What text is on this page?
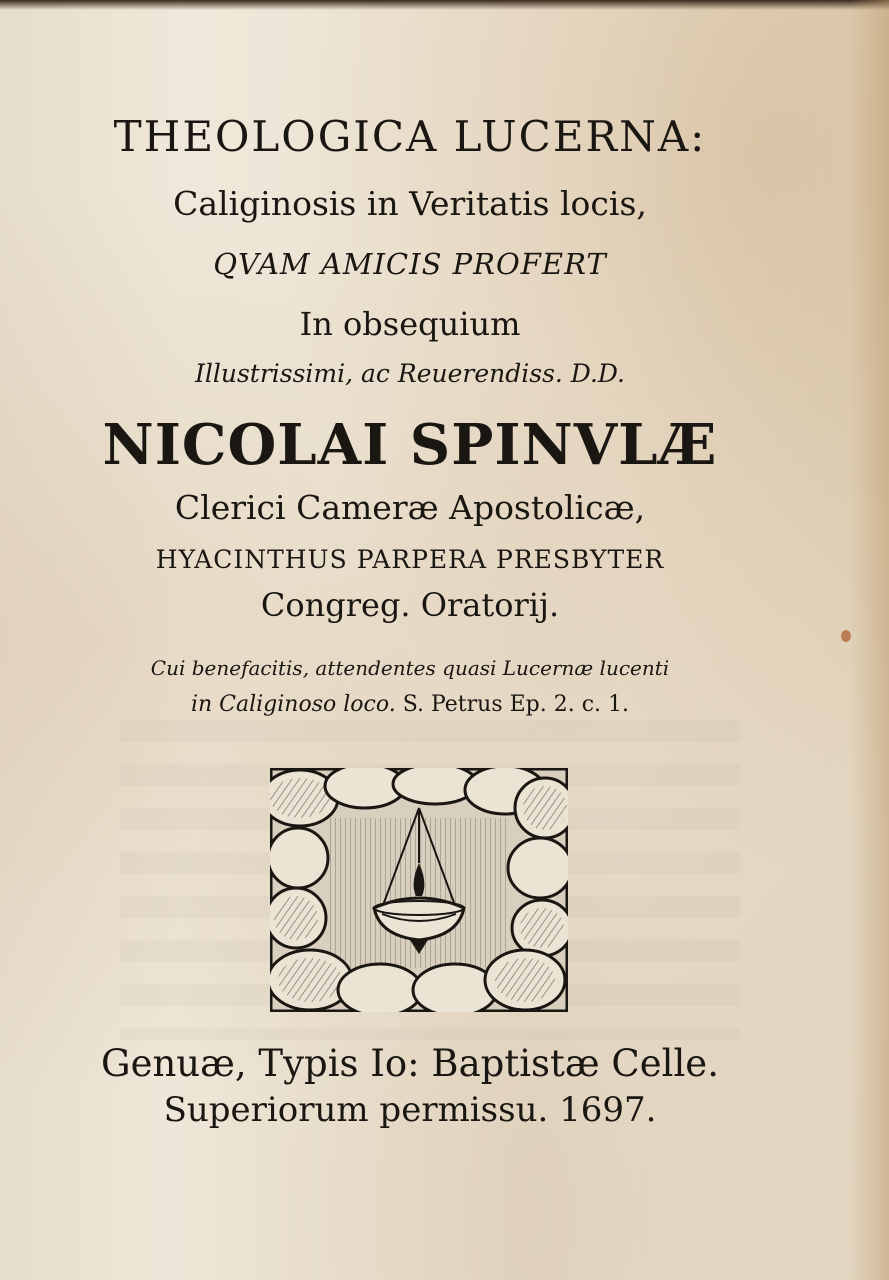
THEOLOGICA LUCERNA:
Caliginosis in Veritatis locis,
QVAM AMICIS PROFERT
In obsequium
Illustrissimi, ac Reuerendiss. D.D.
NICOLAI SPINVLÆ
Clerici Cameræ Apostolicæ,
HYACINTHUS PARPERA PRESBYTER
Congreg. Oratorij.
Cui benefacitis, attendentes quasi Lucernæ lucenti
in Caliginoso loco. S. Petrus Ep. 2. c. 1.
Genuæ, Typis Io: Baptistæ Celle.
Superiorum permissu. 1697.
